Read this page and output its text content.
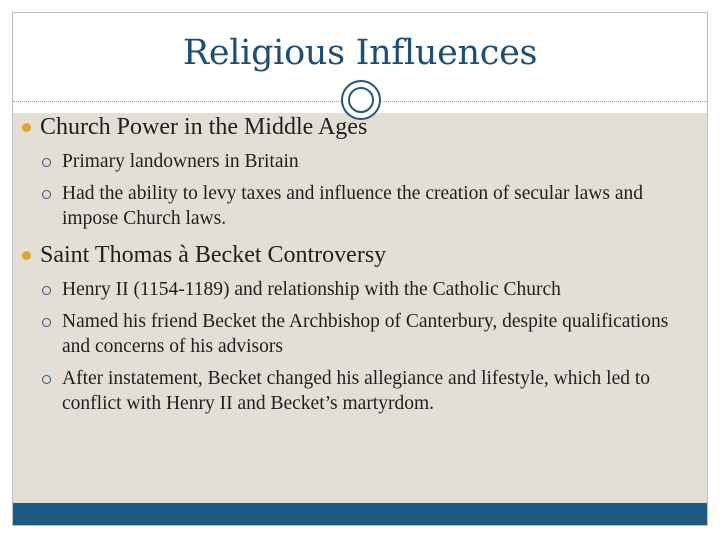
Religious Influences
Church Power in the Middle Ages
Primary landowners in Britain
Had the ability to levy taxes and influence the creation of secular laws and impose Church laws.
Saint Thomas à Becket Controversy
Henry II (1154-1189) and relationship with the Catholic Church
Named his friend Becket the Archbishop of Canterbury, despite qualifications and concerns of his advisors
After instatement, Becket changed his allegiance and lifestyle, which led to conflict with Henry II and Becket’s martyrdom.
